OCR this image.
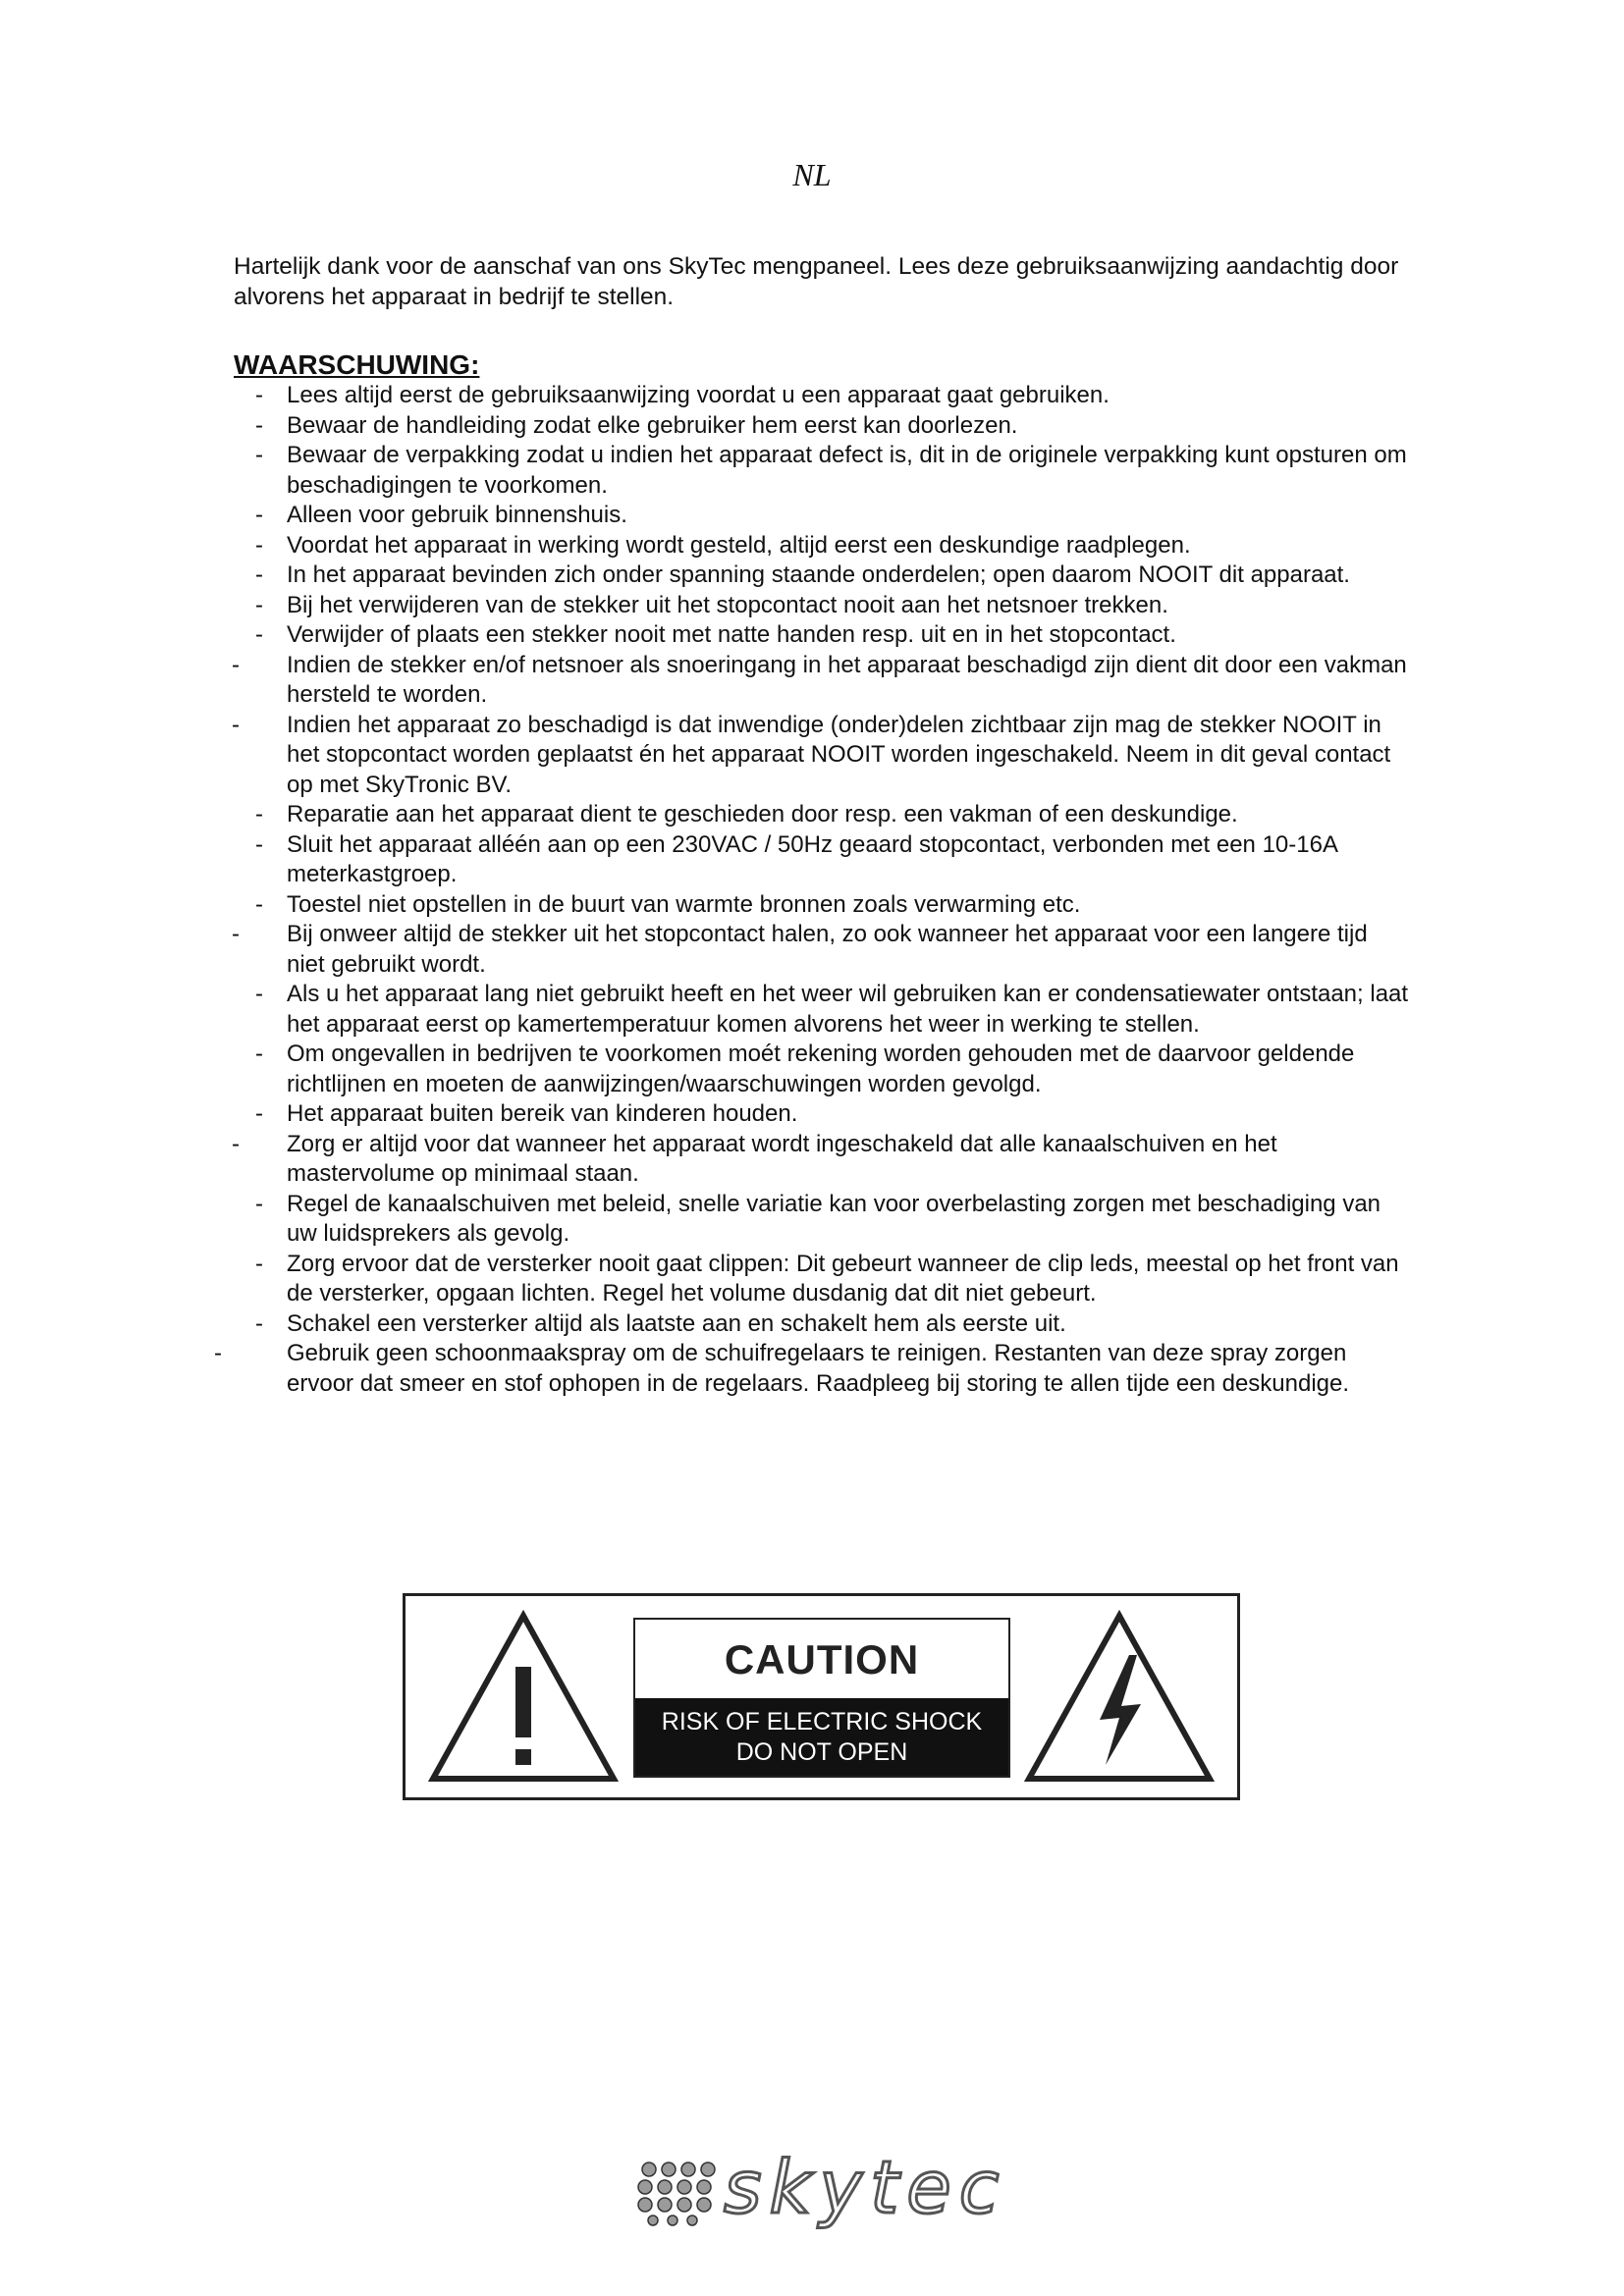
NL

Hartelijk dank voor de aanschaf van ons SkyTec mengpaneel. Lees deze gebruiksaanwijzing aandachtig door alvorens het apparaat in bedrijf te stellen.

WAARSCHUWING:
- Lees altijd eerst de gebruiksaanwijzing voordat u een apparaat gaat gebruiken.
- Bewaar de handleiding zodat elke gebruiker hem eerst kan doorlezen.
- Bewaar de verpakking zodat u indien het apparaat defect is, dit in de originele verpakking kunt opsturen om beschadigingen te voorkomen.
- Alleen voor gebruik binnenshuis.
- Voordat het apparaat in werking wordt gesteld, altijd eerst een deskundige raadplegen.
- In het apparaat bevinden zich onder spanning staande onderdelen; open daarom NOOIT dit apparaat.
- Bij het verwijderen van de stekker uit het stopcontact nooit aan het netsnoer trekken.
- Verwijder of plaats een stekker nooit met natte handen resp. uit en in het stopcontact.
-	Indien de stekker en/of netsnoer als snoeringang in het apparaat beschadigd zijn dient dit door een vakman hersteld te worden.
-	Indien het apparaat zo beschadigd is dat inwendige (onder)delen zichtbaar zijn mag de stekker NOOIT in het stopcontact worden geplaatst én het apparaat NOOIT worden ingeschakeld. Neem in dit geval contact op met SkyTronic BV.
- Reparatie aan het apparaat dient te geschieden door resp. een vakman of een deskundige.
- Sluit het apparaat alléén aan op een 230VAC / 50Hz geaard stopcontact, verbonden met een 10-16A meterkastgroep.
- Toestel niet opstellen in de buurt van warmte bronnen zoals verwarming etc.
-	Bij onweer altijd de stekker uit het stopcontact halen, zo ook wanneer het apparaat voor een langere tijd niet gebruikt wordt.
- Als u het apparaat lang niet gebruikt heeft en het weer wil gebruiken kan er condensatiewater ontstaan; laat het apparaat eerst op kamertemperatuur komen alvorens het weer in werking te stellen.
- Om ongevallen in bedrijven te voorkomen moét rekening worden gehouden met de daarvoor geldende richtlijnen en moeten de aanwijzingen/waarschuwingen worden gevolgd.
- Het apparaat buiten bereik van kinderen houden.
-	Zorg er altijd voor dat wanneer het apparaat wordt ingeschakeld dat alle kanaalschuiven en het mastervolume op minimaal staan.
- Regel de kanaalschuiven met beleid, snelle variatie kan voor overbelasting zorgen met beschadiging van uw luidsprekers als gevolg.
- Zorg ervoor dat de versterker nooit gaat clippen: Dit gebeurt wanneer de clip leds, meestal op het front van de versterker, opgaan lichten. Regel het volume dusdanig dat dit niet gebeurt.
- Schakel een versterker altijd als laatste aan en schakelt hem als eerste uit.
-	Gebruik geen schoonmaakspray om de schuifregelaars te reinigen. Restanten van deze spray zorgen ervoor dat smeer en stof ophopen in de regelaars. Raadpleeg bij storing te allen tijde een deskundige.
CAUTION
RISK OF ELECTRIC SHOCK
DO NOT OPEN
skytec
